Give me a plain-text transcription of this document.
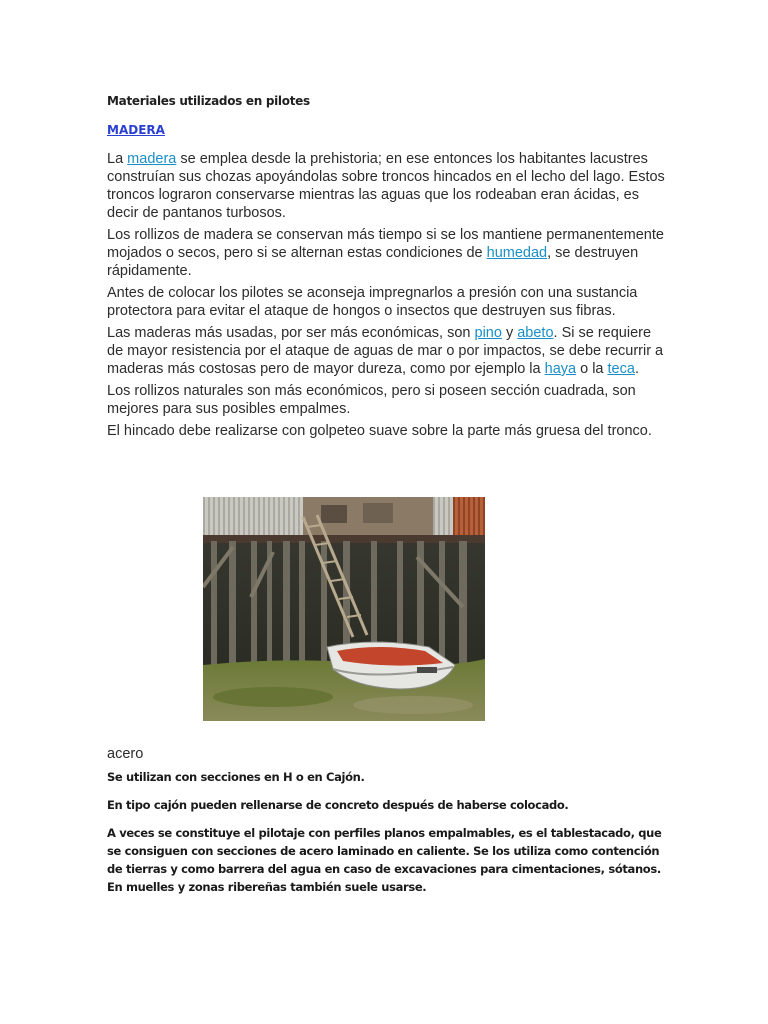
Materiales utilizados en pilotes
MADERA

La madera se emplea desde la prehistoria; en ese entonces los habitantes lacustres construían sus chozas apoyándolas sobre troncos hincados en el lecho del lago. Estos troncos lograron conservarse mientras las aguas que los rodeaban eran ácidas, es decir de pantanos turbosos.

Los rollizos de madera se conservan más tiempo si se los mantiene permanentemente mojados o secos, pero si se alternan estas condiciones de humedad, se destruyen rápidamente.

Antes de colocar los pilotes se aconseja impregnarlos a presión con una sustancia protectora para evitar el ataque de hongos o insectos que destruyen sus fibras.

Las maderas más usadas, por ser más económicas, son pino y abeto. Si se requiere de mayor resistencia por el ataque de aguas de mar o por impactos, se debe recurrir a maderas más costosas pero de mayor dureza, como por ejemplo la haya o la teca.

Los rollizos naturales son más económicos, pero si poseen sección cuadrada, son mejores para sus posibles empalmes.

El hincado debe realizarse con golpeteo suave sobre la parte más gruesa del tronco.

acero

Se utilizan con secciones en H o en Cajón.

En tipo cajón pueden rellenarse de concreto después de haberse colocado.

A veces se constituye el pilotaje con perfiles planos empalmables, es el tablestacado, que se consiguen con secciones de acero laminado en caliente. Se los utiliza como contención de tierras y como barrera del agua en caso de excavaciones para cimentaciones, sótanos. En muelles y zonas ribereñas también suele usarse.
